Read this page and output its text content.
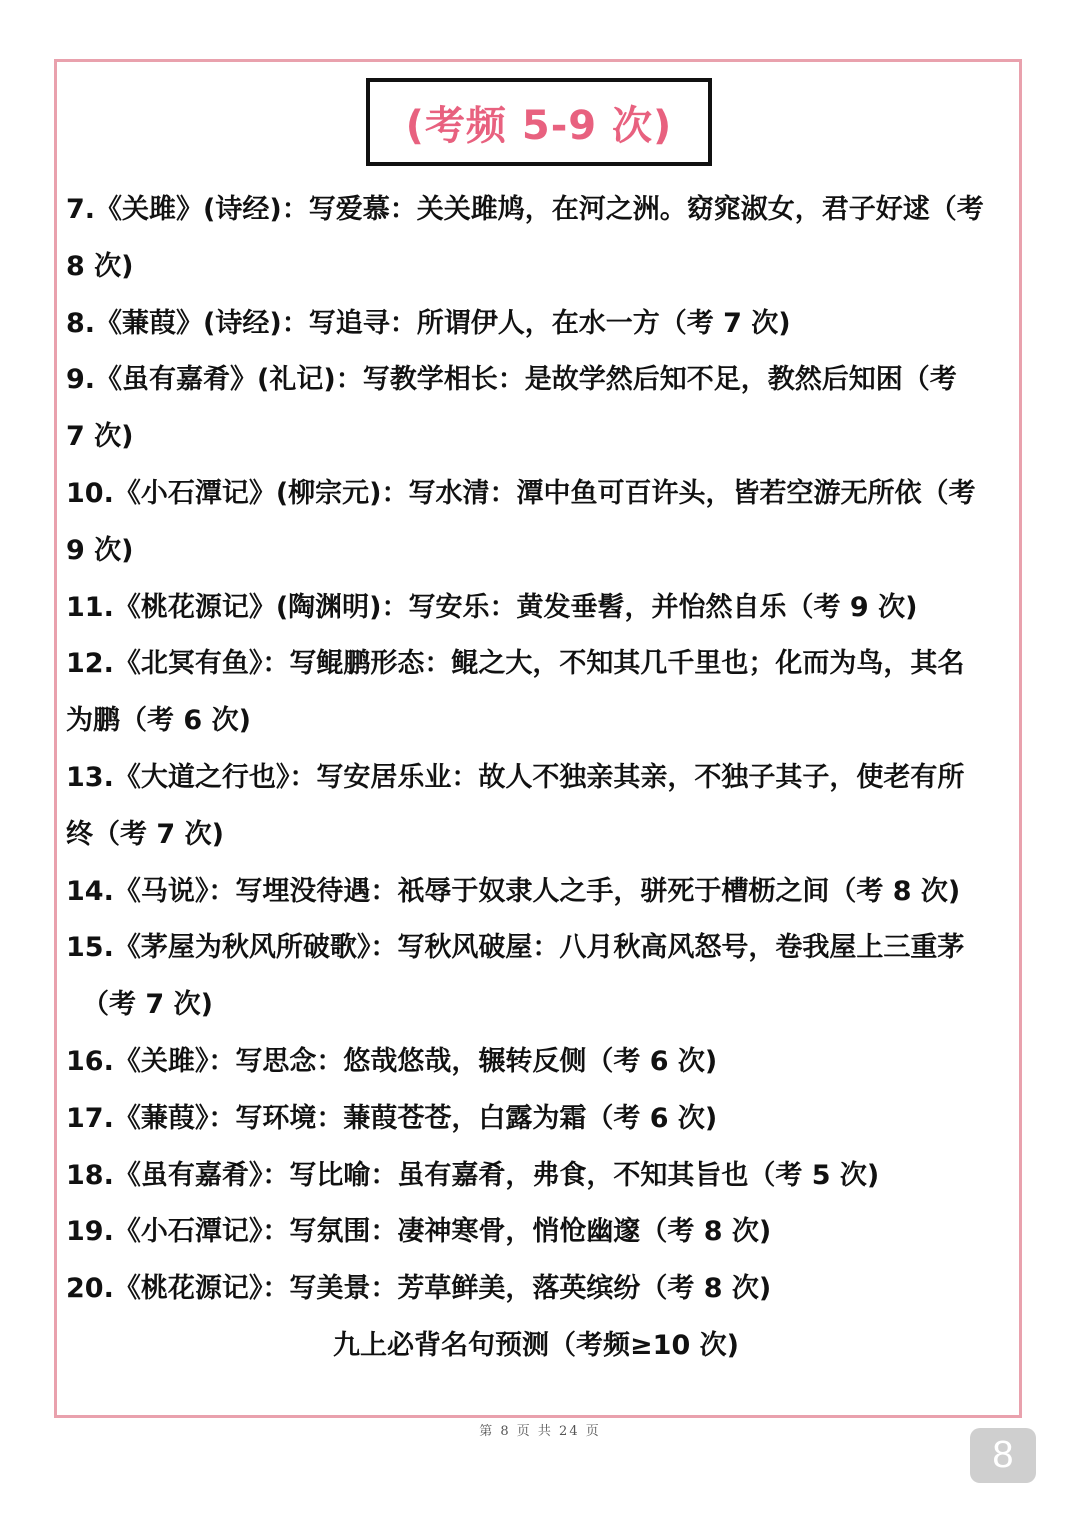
(考频 5-9 次)
7.《关雎》(诗经)：写爱慕：关关雎鸠，在河之洲。窈窕淑女，君子好逑（考
8 次)
8.《蒹葭》(诗经)：写追寻：所谓伊人，在水一方（考 7 次)
9.《虽有嘉肴》(礼记)：写教学相长：是故学然后知不足，教然后知困（考
7 次)
10.《小石潭记》(柳宗元)：写水清：潭中鱼可百许头，皆若空游无所依（考
9 次)
11.《桃花源记》(陶渊明)：写安乐：黄发垂髫，并怡然自乐（考 9 次)
12.《北冥有鱼》：写鲲鹏形态：鲲之大，不知其几千里也；化而为鸟，其名
为鹏（考 6 次)
13.《大道之行也》：写安居乐业：故人不独亲其亲，不独子其子，使老有所
终（考 7 次)
14.《马说》：写埋没待遇：祇辱于奴隶人之手，骈死于槽枥之间（考 8 次)
15.《茅屋为秋风所破歌》：写秋风破屋：八月秋高风怒号，卷我屋上三重茅
（考 7 次)
16.《关雎》：写思念：悠哉悠哉，辗转反侧（考 6 次)
17.《蒹葭》：写环境：蒹葭苍苍，白露为霜（考 6 次)
18.《虽有嘉肴》：写比喻：虽有嘉肴，弗食，不知其旨也（考 5 次)
19.《小石潭记》：写氛围：凄神寒骨，悄怆幽邃（考 8 次)
20.《桃花源记》：写美景：芳草鲜美，落英缤纷（考 8 次)
九上必背名句预测（考频≥10 次)
第 8 页 共 24 页
8
